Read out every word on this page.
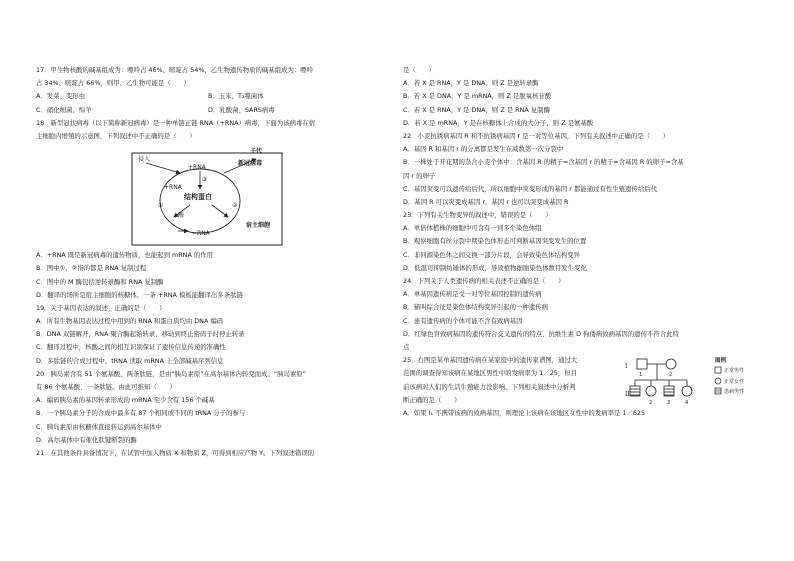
17．甲生物核酸的碱基组成为：嘌呤占 46%、嘧啶占 54%，乙生物遗传物质的碱基组成为：嘌呤
占 34%、嘧啶占 66%，则甲、乙生物可能是（　　）
A．发菜、变形虫	B．玉米、T₂噬菌体
C．硝化细菌、绵羊	D．乳酸菌、SARS病毒
18．新型冠状病毒（以下简称新冠病毒）是一种单链正链 RNA（+RNA）病毒，下面为该病毒在宿
主细胞内增殖的示意图，下列叙述中不正确的是（　　）
侵入
+RNA
+RNA
①	②
③
酶
结构蛋白
−RNA
子代
新冠病毒
宿主细胞
A．+RNA 既是新冠病毒的遗传物质，也能起到 mRNA 的作用
B．图中①、②指的都是 RNA 复制过程
C．图中的 M 酶包括逆转录酶和 RNA 复制酶
D．翻译的场所是宿主细胞的核糖体，一条 +RNA 模板能翻译出多条肽链
19．关于基因表达的叙述，正确的是（　　）
A．所有生物基因表达过程中用到的 RNA 和蛋白质均由 DNA 编码
B．DNA 双链解开，RNA 聚合酶起始转录、移动到终止密码子时停止转录
C．翻译过程中，核酸之间的相互识别保证了遗传信息传递的准确性
D．多肽链的合成过程中，tRNA 读取 mRNA 上全部碱基序列信息
20．胰岛素含有 51 个氨基酸、两条肽链，是由“胰岛素原”在高尔基体内转变而成。“胰岛素原”
有 86 个氨基酸、一条肽链。由此可推知（　　）
A．编码胰岛素的基因转录形成的 mRNA 至少含有 156 个碱基
B．一个胰岛素分子的合成中最多有 87 个相同或不同的 tRNA 分子的参与
C．胰岛素原由核糖体直接转运到高尔基体中
D．高尔基体中有催化肽键断裂的酶
21．在其他条件具备情况下，在试管中加入物质 X 和物质 Z，可得到相应产物 Y。下列叙述错误的
是（　　）
A．若 X 是 RNA，Y 是 DNA，则 Z 是逆转录酶
B．若 X 是 DNA，Y 是 mRNA，则 Z 是脱氧核苷酸
C．若 X 是 RNA，Y 是 DNA，则 Z 是 RNA 复制酶
D．若 X 是 mRNA，Y 是在核糖体上合成的大分子，则 Z 是氨基酸
22．小麦抗锈病基因 R 和不抗锈病基因 r 是一对等位基因，下列有关叙述中正确的是（　　）
A．基因 R 和基因 r 的分离都是发生在减数第一次分裂中
B．一株处于开花期的杂合小麦个体中：含基因 R 的精子=含基因 r 的精子=含基因 R 的卵子=含基
因 r 的卵子
C．基因突变可以遗传给后代，所以细胞中突变形成的基因 r 都能通过有性生殖遗传给后代
D．基因 R 可以突变成基因 r，基因 r 也可以突变成基因 R
23．下列有关生物变异的叙述中，错误的是（　　）
A．单倍体植株的细胞中可含有一到多个染色体组
B．观察细胞有丝分裂中期染色体形态可判断基因突变发生的位置
C．非同源染色体之间交换一部分片段，会导致染色体结构变异
D．低温可抑制纺锤体的形成，导致植物细胞染色体数目发生变化
24．下列关于人类遗传病的相关表述不正确的是（　　）
A．单基因遗传病是受一对等位基因控制的遗传病
B．猫叫综合征是染色体结构变异引起的一种遗传病
C．患有遗传病的个体可能不含有致病基因
D．红绿色盲致病基因的遗传符合交叉遗传的特点，抗维生素 D 佝偻病致病基因的遗传不符合此特
点
25．右图是某单基因遗传病在某家庭中的遗传家谱图，通过大
范围的调查得知该病在某地区男性中的发病率为 1／25，但目
前该病对人们的生活生殖能力没影响。下列相关叙述中分析判
断正确的是（　　）
A．如果 I₁ 不携带该病的致病基因，则理论上该病在该地区女性中的发病率是 1／625
I
II
1	2
2	3	4
图例
正常男性
正常女性
患病男性
